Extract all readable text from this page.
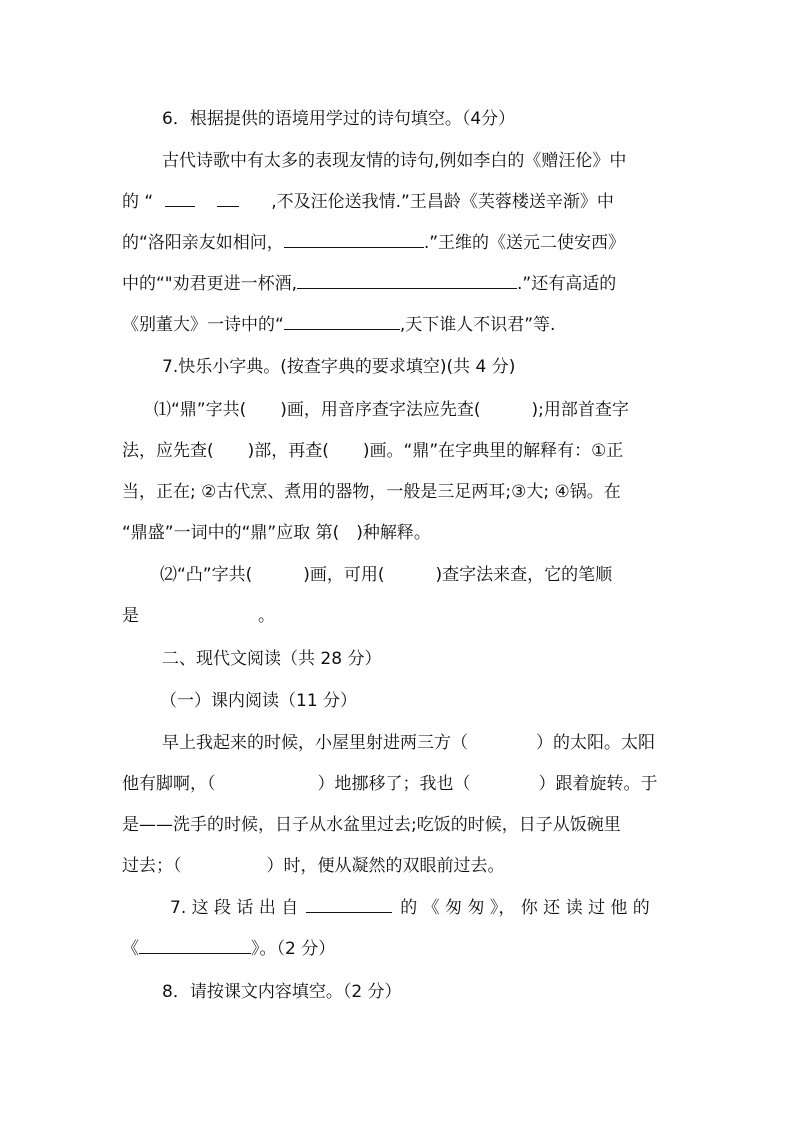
6．根据提供的语境用学过的诗句填空。（4分）
古代诗歌中有太多的表现友情的诗句,例如李白的《赠汪伦》中
的 “	,不及汪伦送我情.”王昌龄《芙蓉楼送辛渐》中
的“洛阳亲友如相问，	.”王维的《送元二使安西》
中的“"劝君更进一杯酒,	.”还有高适的
《别董大》一诗中的“	,天下谁人不识君”等.
7.快乐小字典。(按查字典的要求填空)(共 4 分)
⑴“鼎”字共(　　)画，用音序查字法应先查(　　　);用部首查字
法，应先查(　　)部，再查(　　)画。“鼎”在字典里的解释有：①正
当，正在; ②古代烹、煮用的器物，一般是三足两耳;③大; ④锅。在
“鼎盛”一词中的“鼎”应取 第(　)种解释。
⑵“凸”字共(　　　)画，可用(　　　)查字法来查，它的笔顺
是　　　　　　　。
二、现代文阅读（共 28 分）
（一）课内阅读（11 分）
早上我起来的时候，小屋里射进两三方（　　　　）的太阳。太阳
他有脚啊，（　　　　　　）地挪移了；我也（　　　　）跟着旋转。于
是——洗手的时候，日子从水盆里过去;吃饭的时候，日子从饭碗里
过去；（　　　　　）时，便从凝然的双眼前过去。
7. 这 段 话 出 自	的 《 匆 匆 》， 你 还 读 过 他 的
《	》。（2 分）
8．请按课文内容填空。（2 分）
